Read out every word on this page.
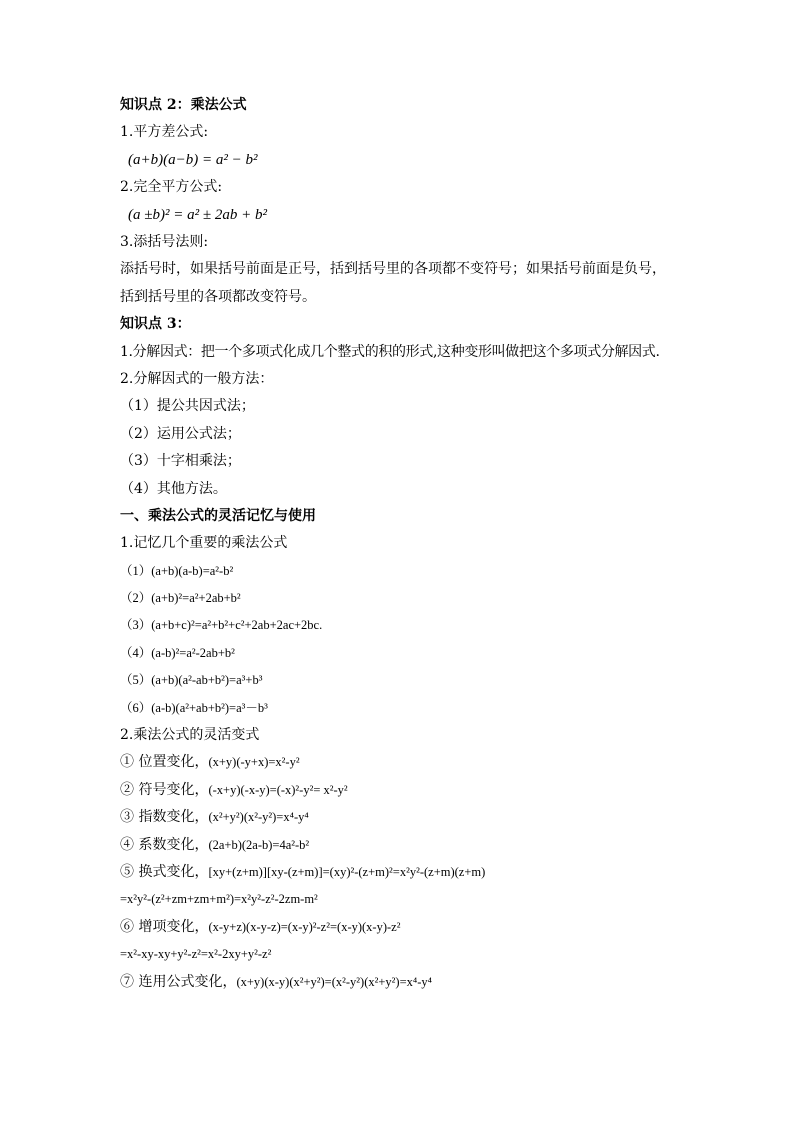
知识点 2：乘法公式
1.平方差公式:
(a+b)(a−b) = a² − b²
2.完全平方公式:
(a ±b)² = a² ± 2ab + b²
3.添括号法则:
添括号时，如果括号前面是正号，括到括号里的各项都不变符号；如果括号前面是负号，括到括号里的各项都改变符号。
知识点 3：
1.分解因式：把一个多项式化成几个整式的积的形式,这种变形叫做把这个多项式分解因式.
2.分解因式的一般方法：
（1）提公共因式法；
（2）运用公式法；
（3）十字相乘法；
（4）其他方法。
一、乘法公式的灵活记忆与使用
1.记忆几个重要的乘法公式
（1）(a+b)(a-b)=a²-b²
（2）(a+b)²=a²+2ab+b²
（3）(a+b+c)²=a²+b²+c²+2ab+2ac+2bc.
（4）(a-b)²=a²-2ab+b²
（5）(a+b)(a²-ab+b²)=a³+b³
（6）(a-b)(a²+ab+b²)=a³－b³
2.乘法公式的灵活变式
① 位置变化，(x+y)(-y+x)=x²-y²
② 符号变化，(-x+y)(-x-y)=(-x)²-y²= x²-y²
③ 指数变化，(x²+y²)(x²-y²)=x⁴-y⁴
④ 系数变化，(2a+b)(2a-b)=4a²-b²
⑤ 换式变化，[xy+(z+m)][xy-(z+m)]=(xy)²-(z+m)²=x²y²-(z+m)(z+m)
=x²y²-(z²+zm+zm+m²)=x²y²-z²-2zm-m²
⑥ 增项变化，(x-y+z)(x-y-z)=(x-y)²-z²=(x-y)(x-y)-z²
=x²-xy-xy+y²-z²=x²-2xy+y²-z²
⑦ 连用公式变化，(x+y)(x-y)(x²+y²)=(x²-y²)(x²+y²)=x⁴-y⁴
